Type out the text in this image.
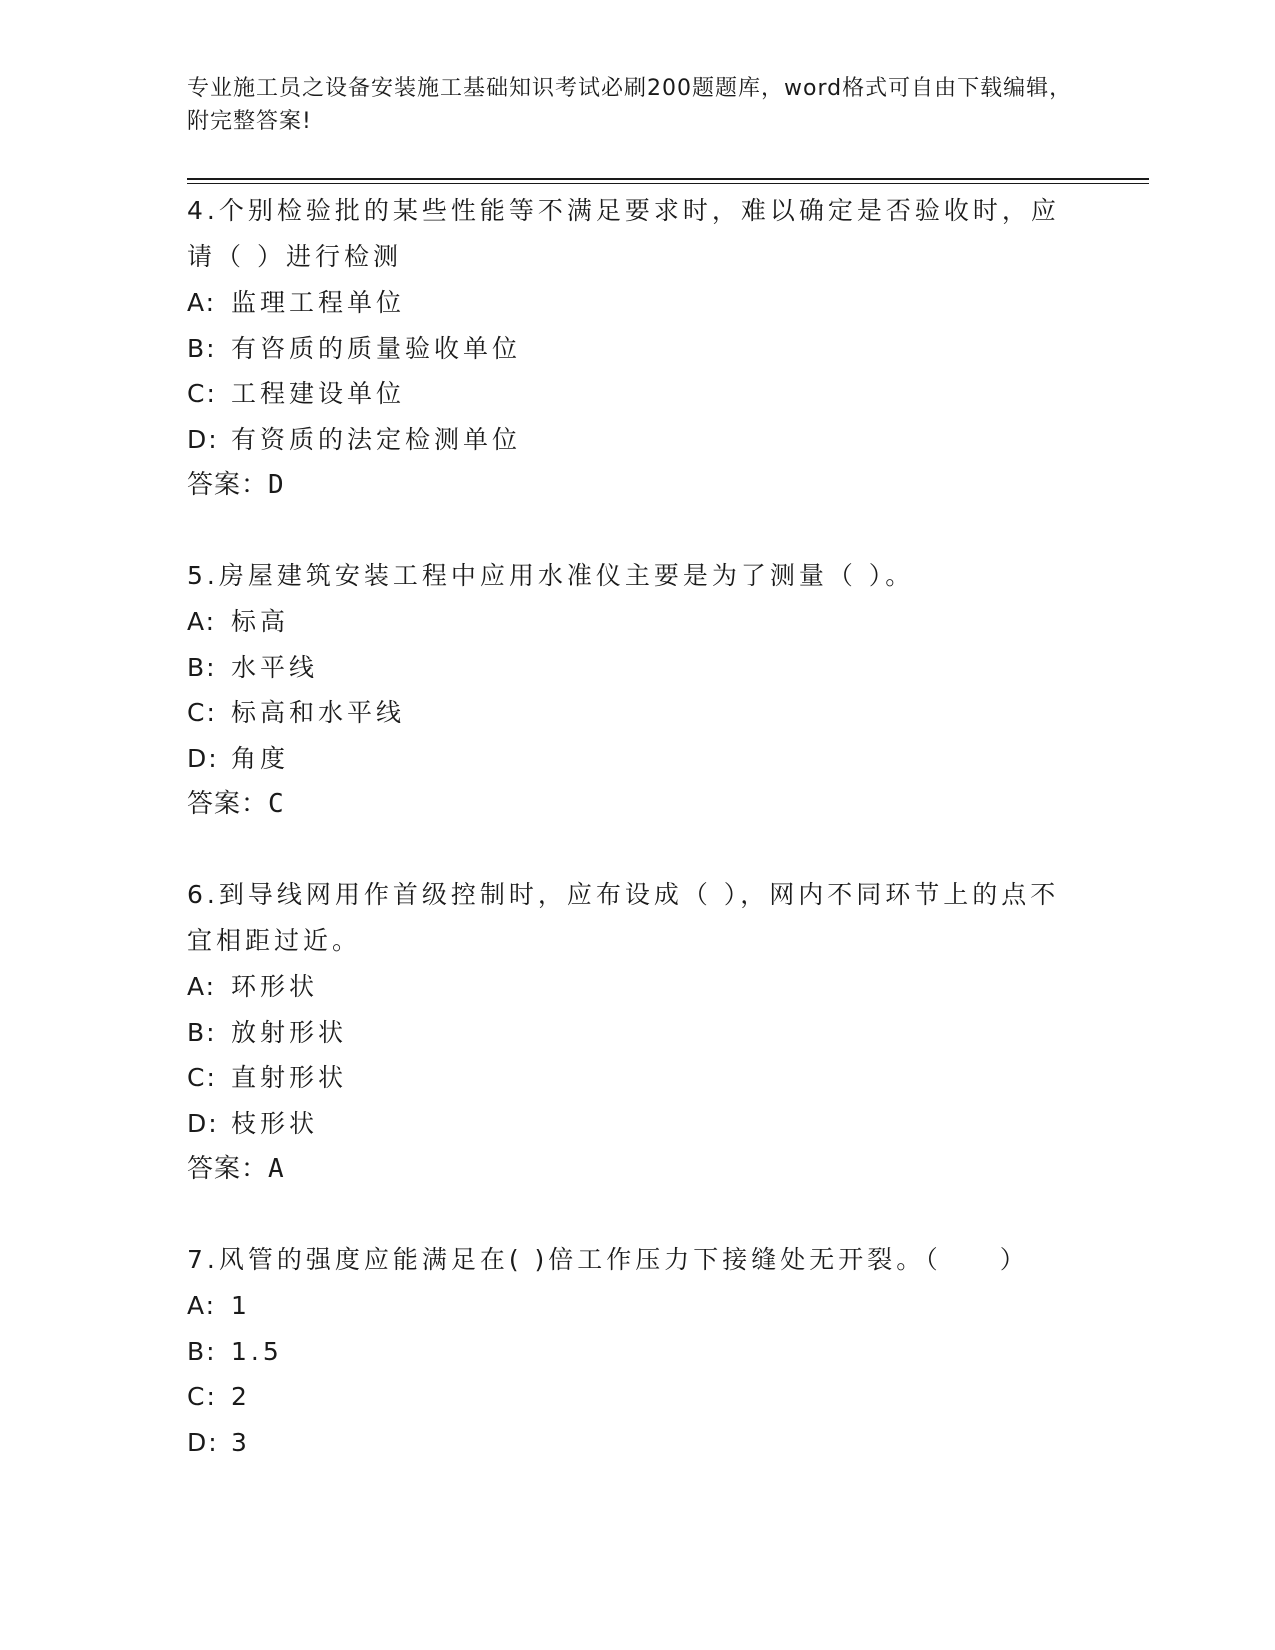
专业施工员之设备安装施工基础知识考试必刷200题题库，word格式可自由下载编辑，附完整答案!

4.个别检验批的某些性能等不满足要求时，难以确定是否验收时，应请（ ）进行检测

A: 监理工程单位

B: 有咨质的质量验收单位

C: 工程建设单位

D: 有资质的法定检测单位

答案：D

5.房屋建筑安装工程中应用水准仪主要是为了测量（ ）。

A: 标高

B: 水平线

C: 标高和水平线

D: 角度

答案：C

6.到导线网用作首级控制时，应布设成（ ），网内不同环节上的点不宜相距过近。

A: 环形状

B: 放射形状

C: 直射形状

D: 枝形状

答案：A

7.风管的强度应能满足在( )倍工作压力下接缝处无开裂。（　　）

A: 1

B: 1.5

C: 2

D: 3
